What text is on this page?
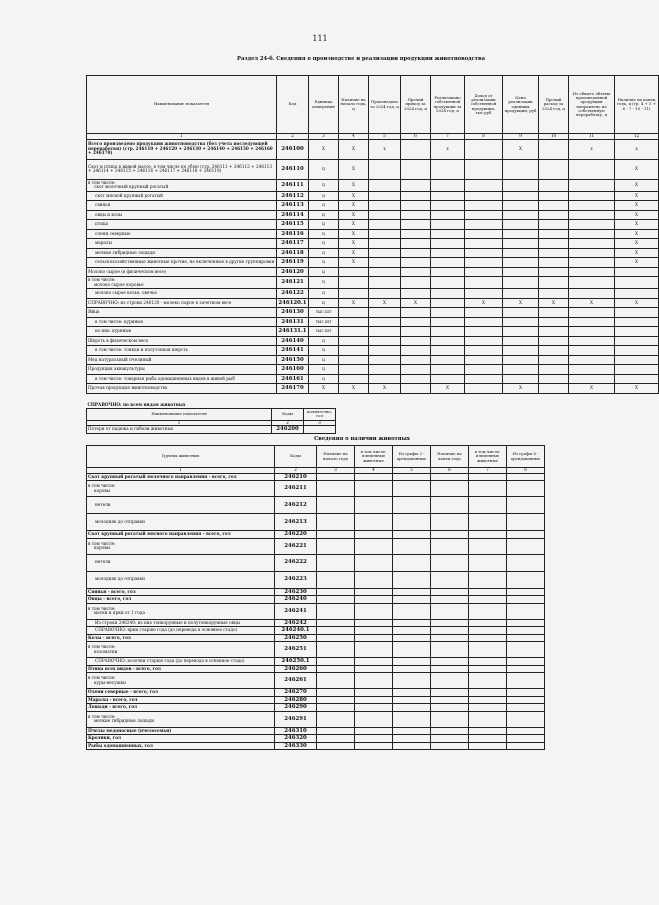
111
Раздел 24-б. Сведения о производстве и реализации продукции животноводства
Наименование показателя	Код	Единица измерения	Наличие на начало года, ц	Произведено за 2024 год, ц	Прочий приход за 2024 год, ц	Реализовано собственной продукции за 2024 год, ц	Доход от реализации собственной продукции, тыс.руб	Цена реализации единицы продукции, руб	Прочий расход за 2024 год, ц	Из общего объема произведенной продукции направлено на собственную переработку, ц	Наличие на конец года, ц (гр. 4 + 5 + 6 - 7 - 10 - 11)
1	2	3	4	5	6	7	8	9	10	11	12
Всего произведено продукции животноводства (без учета последующей переработки) (стр. 246110 + 246120 + 246130 + 246140 + 246150 + 246160 + 246170)	246100	Х	Х	х		х		Х		х	х
Скот и птица в живой массе, в том числе по убою (стр. 246111 + 246112 + 246113 + 246114 + 246115 + 246116 + 246117 + 246118 + 246119)	246110	ц	Х								Х
в том числе:
скот молочный крупный рогатый	246111	ц	Х								Х
скот мясной крупный рогатый	246112	ц	Х								Х
свиньи	246113	ц	Х								Х
овцы и козы	246114	ц	Х								Х
птица	246115	ц	Х								Х
олени северные	246116	ц	Х								Х
маралы	246117	ц	Х								Х
мелкие гибридные лошади	246118	ц	Х								Х
сельскохозяйственные животные прочие, не включенные в другие группировки	246119	ц	Х								Х
Молоко сырое (в физическом весе)	246120	ц									
в том числе:
молоко сырое коровье	246121	ц									
молоко сырое козье, овечье	246122	ц									
СПРАВОЧНО: из строки 246120 - молоко сырое в зачетном весе	246120.1	ц	Х	Х	Х		Х	Х	Х	Х	Х
Яйца	246130	тыс шт									
в том числе: куриные	246131	тыс шт									
из них: куриные	246131.1	тыс шт									
Шерсть в физическом весе	246140	ц									
в том числе: тонкая и полутонкая шерсть	246141	ц									
Мед натуральный пчелиный	246150	ц									
Продукция аквакультуры	246160	ц									
в том числе: товарная рыба одомашненных видов в живой рыб	246161	ц									
Прочая продукция животноводства	246170	Х	Х	Х		Х		Х		Х	Х
СПРАВОЧНО: по всем видам животных		
Наименование показателя	Коды	количество, гол
1	2	3
Потери от падежа и гибели животных	246200	
Сведения о наличии животных
Группы животных	Коды	Наличие на начало года	в том числе: племенные животные	Из графы 3 - арендованные	Наличие на конец года	в том числе: племенные животные	Из графы 6 - арендованные
1	2	3	4	5	6	7	8
Скот крупный рогатый молочного направления - всего, гол	246210						
в том числе:
коровы	246211						
нетели	246212						
молодняк до отправки	246213						
Скот крупный рогатый мясного направления - всего, гол	246220						
в том числе:
коровы	246221						
нетели	246222						
молодняк до отправки	246223						
Свиньи - всего, гол	246230						
Овцы - всего, гол	246240						
в том числе:
матки и ярки от 1 года	246241						
Из строки 246240: из них тонкорунные и полутонкорунные овцы	246242						
СПРАВОЧНО: ярки старше года (до перевода в основное стадо)	246240.1						
Козы - всего, гол	246250						
в том числе:
козоматки	246251						
СПРАВОЧНО: козочки старше года (до перевода в основное стадо)	246250.1						
Птица всех видов - всего, гол	246260						
в том числе:
куры-несушки	246261						
Олени северные - всего, гол	246270						
Маралы - всего, гол	246280						
Лошади - всего, гол	246290						
в том числе:
мелкие гибридные лошади	246291						
Пчелы медоносные (пчелосемьи)	246310						
Кролики, гол	246320						
Рыбы одомашненных, гол	246330						
